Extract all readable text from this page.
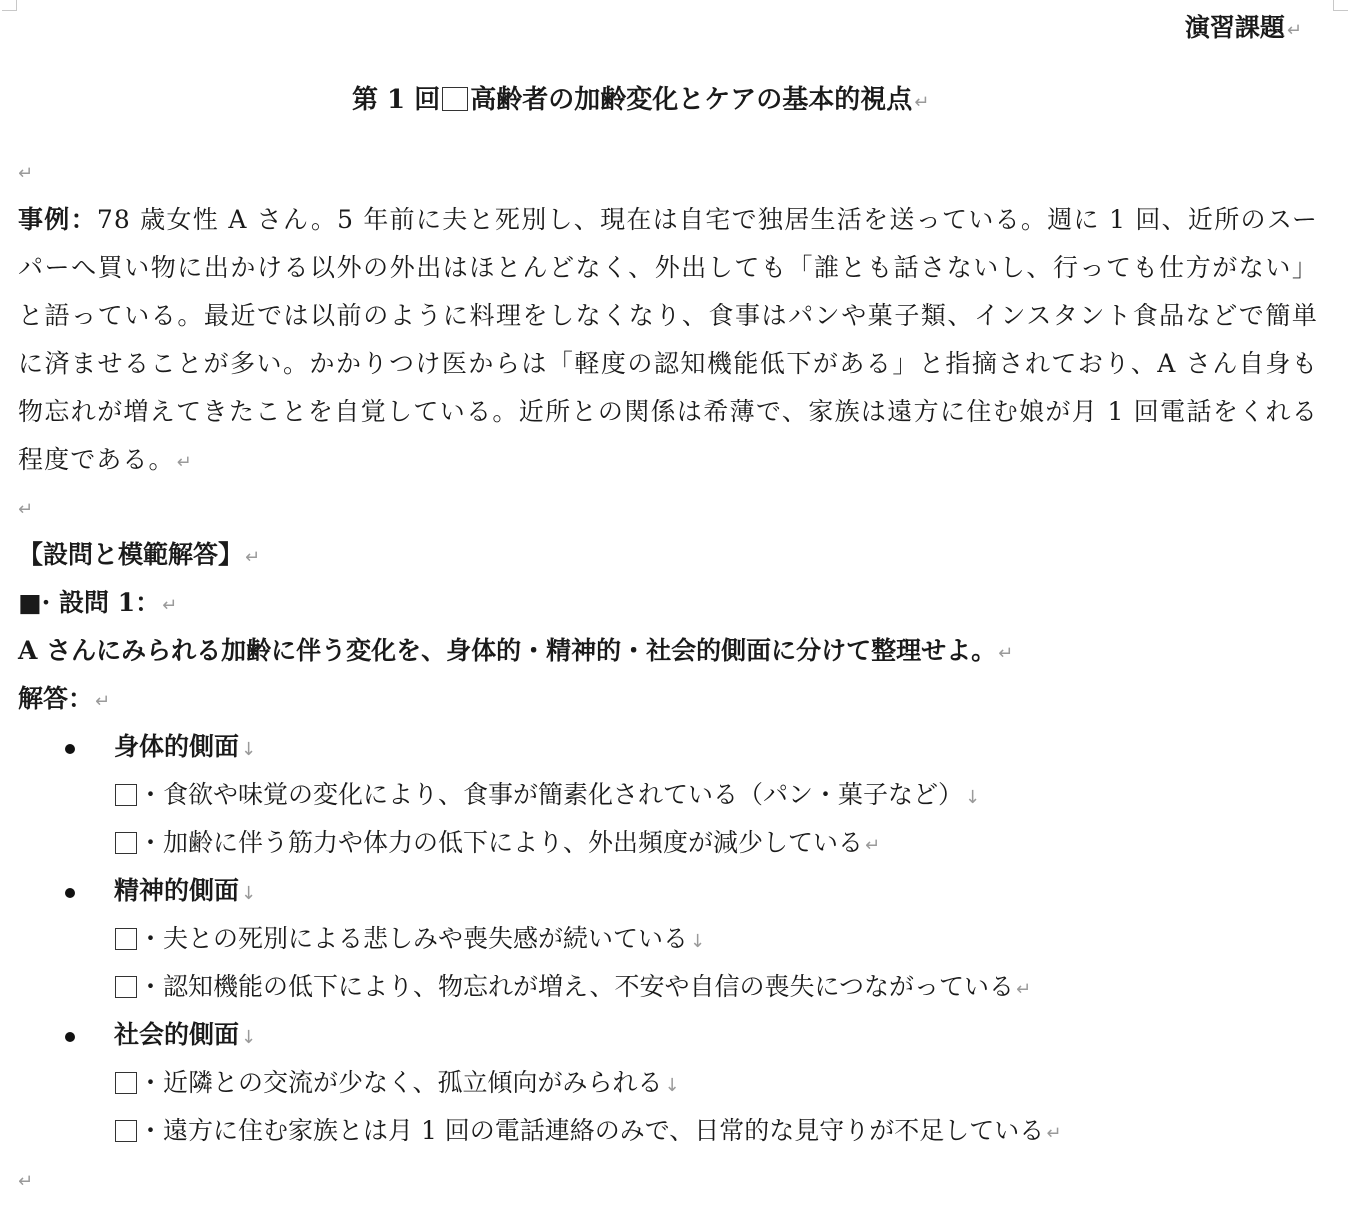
演習課題 ↵
第 1 回 高齢者の加齢変化とケアの基本的視点 ↵
↵
事例：78 歳女性 A さん。5 年前に夫と死別し、現在は自宅で独居生活を送っている。週に 1 回、近所のスーパーへ買い物に出かける以外の外出はほとんどなく、外出しても「誰とも話さないし、行っても仕方がない」と語っている。最近では以前のように料理をしなくなり、食事はパンや菓子類、インスタント食品などで簡単に済ませることが多い。かかりつけ医からは「軽度の認知機能低下がある」と指摘されており、A さん自身も物忘れが増えてきたことを自覚している。近所との関係は希薄で、家族は遠方に住む娘が月 1 回電話をくれる程度である。 ↵
↵
【設問と模範解答】 ↵
■· 設問 1： ↵
A さんにみられる加齢に伴う変化を、身体的・精神的・社会的側面に分けて整理せよ。 ↵
解答： ↵
身体的側面 ↓
・食欲や味覚の変化により、食事が簡素化されている（パン・菓子など） ↓
・加齢に伴う筋力や体力の低下により、外出頻度が減少している ↵
精神的側面 ↓
・夫との死別による悲しみや喪失感が続いている ↓
・認知機能の低下により、物忘れが増え、不安や自信の喪失につながっている ↵
社会的側面 ↓
・近隣との交流が少なく、孤立傾向がみられる ↓
・遠方に住む家族とは月 1 回の電話連絡のみで、日常的な見守りが不足している ↵
↵
